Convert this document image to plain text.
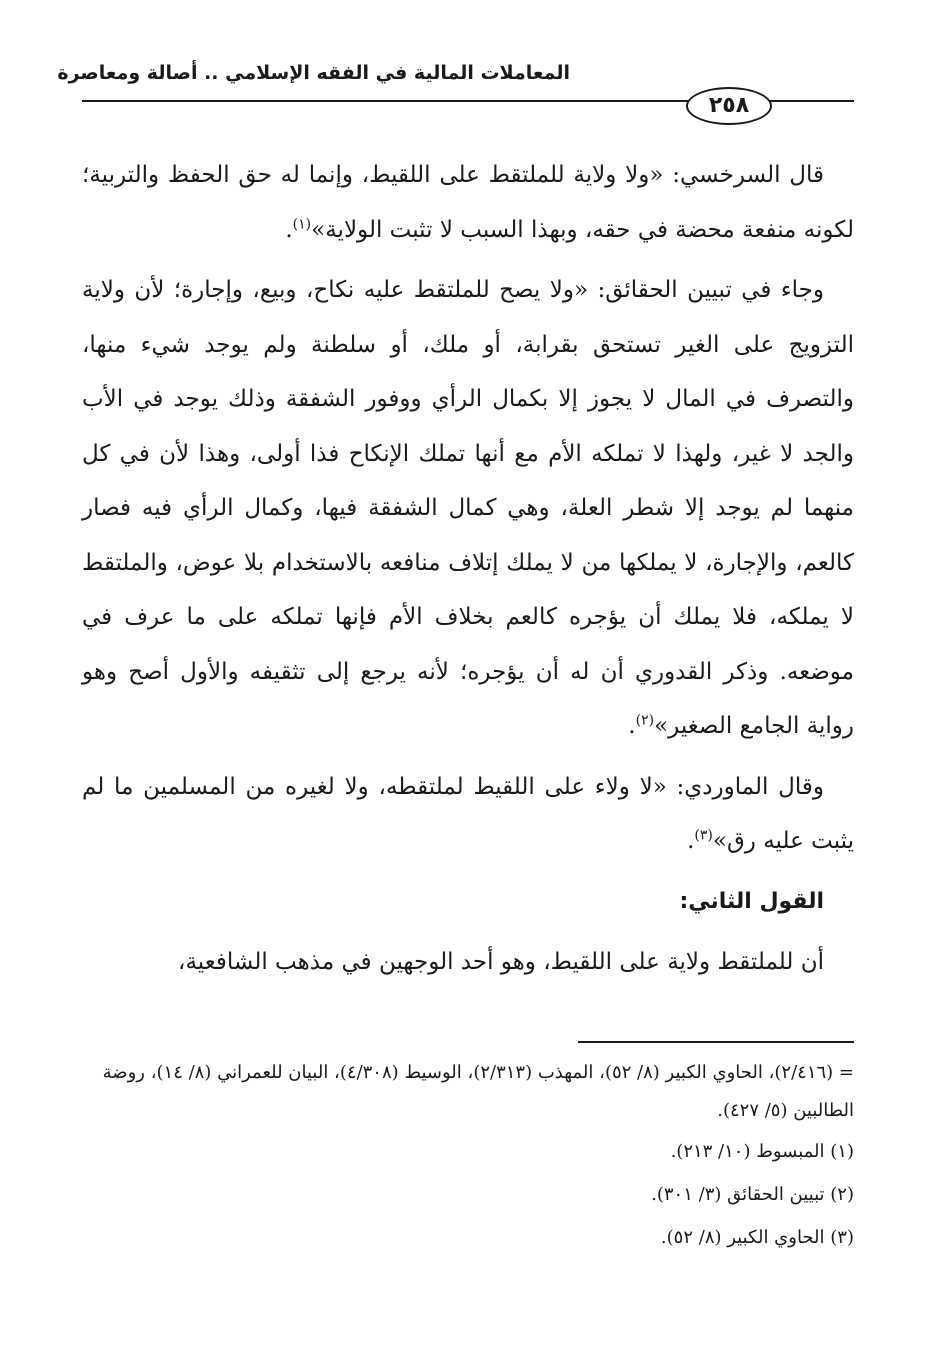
المعاملات المالية في الفقه الإسلامي .. أصالة ومعاصرة
٢٥٨

قال السرخسي: «ولا ولاية للملتقط على اللقيط، وإنما له حق الحفظ والتربية؛ لكونه منفعة محضة في حقه، وبهذا السبب لا تثبت الولاية»$^{(١)}$.

وجاء في تبيين الحقائق: «ولا يصح للملتقط عليه نكاح، وبيع، وإجارة؛ لأن ولاية التزويج على الغير تستحق بقرابة، أو ملك، أو سلطنة ولم يوجد شيء منها، والتصرف في المال لا يجوز إلا بكمال الرأي ووفور الشفقة وذلك يوجد في الأب والجد لا غير، ولهذا لا تملكه الأم مع أنها تملك الإنكاح فذا أولى، وهذا لأن في كل منهما لم يوجد إلا شطر العلة، وهي كمال الشفقة فيها، وكمال الرأي فيه فصار كالعم، والإجارة، لا يملكها من لا يملك إتلاف منافعه بالاستخدام بلا عوض، والملتقط لا يملكه، فلا يملك أن يؤجره كالعم بخلاف الأم فإنها تملكه على ما عرف في موضعه. وذكر القدوري أن له أن يؤجره؛ لأنه يرجع إلى تثقيفه والأول أصح وهو رواية الجامع الصغير»$^{(٢)}$.

وقال الماوردي: «لا ولاء على اللقيط لملتقطه، ولا لغيره من المسلمين ما لم يثبت عليه رق»$^{(٣)}$.

القول الثاني:

أن للملتقط ولاية على اللقيط، وهو أحد الوجهين في مذهب الشافعية،

= (٢/٤١٦)، الحاوي الكبير (٨/ ٥٢)، المهذب (٢/٣١٣)، الوسيط (٤/٣٠٨)، البيان للعمراني (٨/ ١٤)، روضة الطالبين (٥/ ٤٢٧).

(١) المبسوط (١٠/ ٢١٣).

(٢) تبيين الحقائق (٣/ ٣٠١).

(٣) الحاوي الكبير (٨/ ٥٢).
